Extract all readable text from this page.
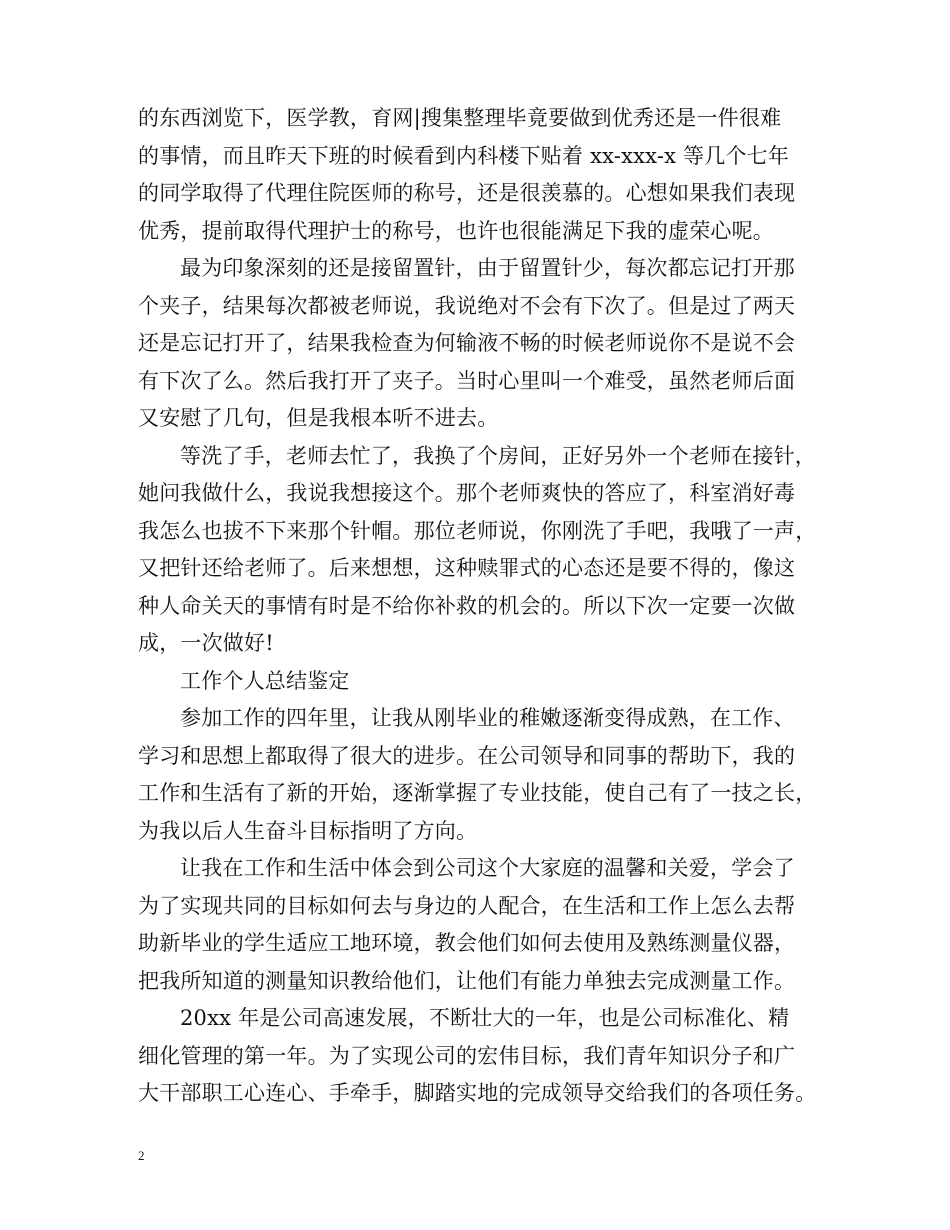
的东西浏览下，医学教，育网|搜集整理毕竟要做到优秀还是一件很难
的事情，而且昨天下班的时候看到内科楼下贴着 xx-xxx-x 等几个七年
的同学取得了代理住院医师的称号，还是很羡慕的。心想如果我们表现
优秀，提前取得代理护士的称号，也许也很能满足下我的虚荣心呢。
最为印象深刻的还是接留置针，由于留置针少，每次都忘记打开那
个夹子，结果每次都被老师说，我说绝对不会有下次了。但是过了两天
还是忘记打开了，结果我检查为何输液不畅的时候老师说你不是说不会
有下次了么。然后我打开了夹子。当时心里叫一个难受，虽然老师后面
又安慰了几句，但是我根本听不进去。
等洗了手，老师去忙了，我换了个房间，正好另外一个老师在接针，
她问我做什么，我说我想接这个。那个老师爽快的答应了，科室消好毒
我怎么也拔不下来那个针帽。那位老师说，你刚洗了手吧，我哦了一声，
又把针还给老师了。后来想想，这种赎罪式的心态还是要不得的，像这
种人命关天的事情有时是不给你补救的机会的。所以下次一定要一次做
成，一次做好!
工作个人总结鉴定
参加工作的四年里，让我从刚毕业的稚嫩逐渐变得成熟，在工作、
学习和思想上都取得了很大的进步。在公司领导和同事的帮助下，我的
工作和生活有了新的开始，逐渐掌握了专业技能，使自己有了一技之长，
为我以后人生奋斗目标指明了方向。
让我在工作和生活中体会到公司这个大家庭的温馨和关爱，学会了
为了实现共同的目标如何去与身边的人配合，在生活和工作上怎么去帮
助新毕业的学生适应工地环境，教会他们如何去使用及熟练测量仪器，
把我所知道的测量知识教给他们，让他们有能力单独去完成测量工作。
20xx 年是公司高速发展，不断壮大的一年，也是公司标准化、精
细化管理的第一年。为了实现公司的宏伟目标，我们青年知识分子和广
大干部职工心连心、手牵手，脚踏实地的完成领导交给我们的各项任务。
2
